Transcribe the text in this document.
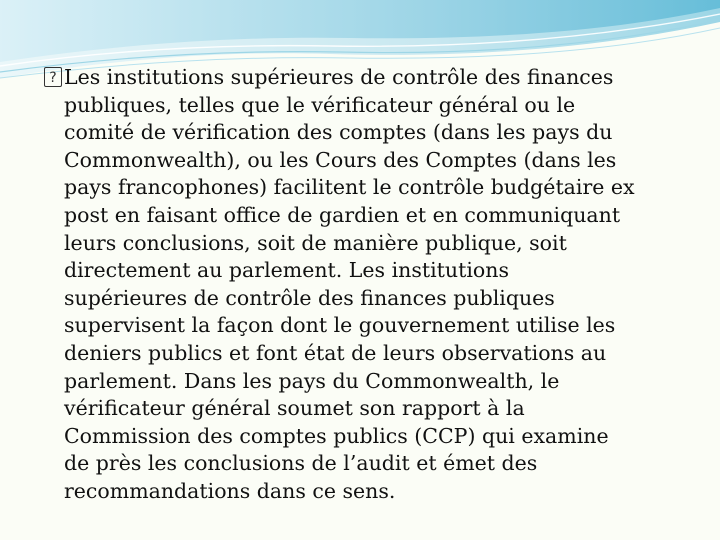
?

Les institutions supérieures de contrôle des finances

publiques, telles que le vérificateur général ou le
comité de vérification des comptes (dans les pays du
Commonwealth), ou les Cours des Comptes (dans les
pays francophones) facilitent le contrôle budgétaire ex
post en faisant office de gardien et en communiquant
leurs conclusions, soit de manière publique, soit
directement au parlement. Les institutions
supérieures de contrôle des finances publiques
supervisent la façon dont le gouvernement utilise les
deniers publics et font état de leurs observations au
parlement. Dans les pays du Commonwealth, le
vérificateur général soumet son rapport à la
Commission des comptes publics (CCP) qui examine
de près les conclusions de l’audit et émet des
recommandations dans ce sens.
